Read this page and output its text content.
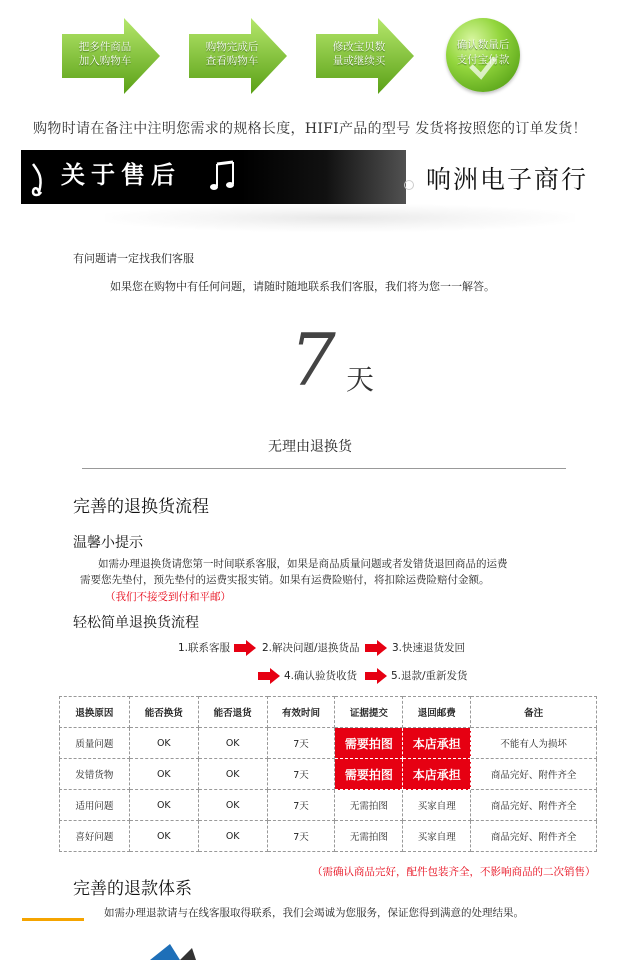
把多件商品
加入购物车
购物完成后
查看购物车
修改宝贝数
量或继续买
确认数量后
支付宝付款
购物时请在备注中注明您需求的规格长度，HIFI产品的型号 发货将按照您的订单发货！
关于售后	响洲电子商行
有问题请一定找我们客服
如果您在购物中有任何问题，请随时随地联系我们客服，我们将为您一一解答。
7 天
无理由退换货
完善的退换货流程
温馨小提示
如需办理退换货请您第一时间联系客服，如果是商品质量问题或者发错货退回商品的运费
需要您先垫付，预先垫付的运费实报实销。如果有运费险赔付，将扣除运费险赔付金额。
（我们不接受到付和平邮）
轻松简单退换货流程
1.联系客服	2.解决问题/退换货品	3.快速退货发回
4.确认验货收货	5.退款/重新发货
退换原因	能否换货	能否退货	有效时间	证据提交	退回邮费	备注
质量问题	OK	OK	7天	需要拍图	本店承担	不能有人为损坏
发错货物	OK	OK	7天	需要拍图	本店承担	商品完好、附件齐全
适用问题	OK	OK	7天	无需拍图	买家自理	商品完好、附件齐全
喜好问题	OK	OK	7天	无需拍图	买家自理	商品完好、附件齐全
（需确认商品完好，配件包装齐全，不影响商品的二次销售）
完善的退款体系
如需办理退款请与在线客服取得联系，我们会竭诚为您服务，保证您得到满意的处理结果。
